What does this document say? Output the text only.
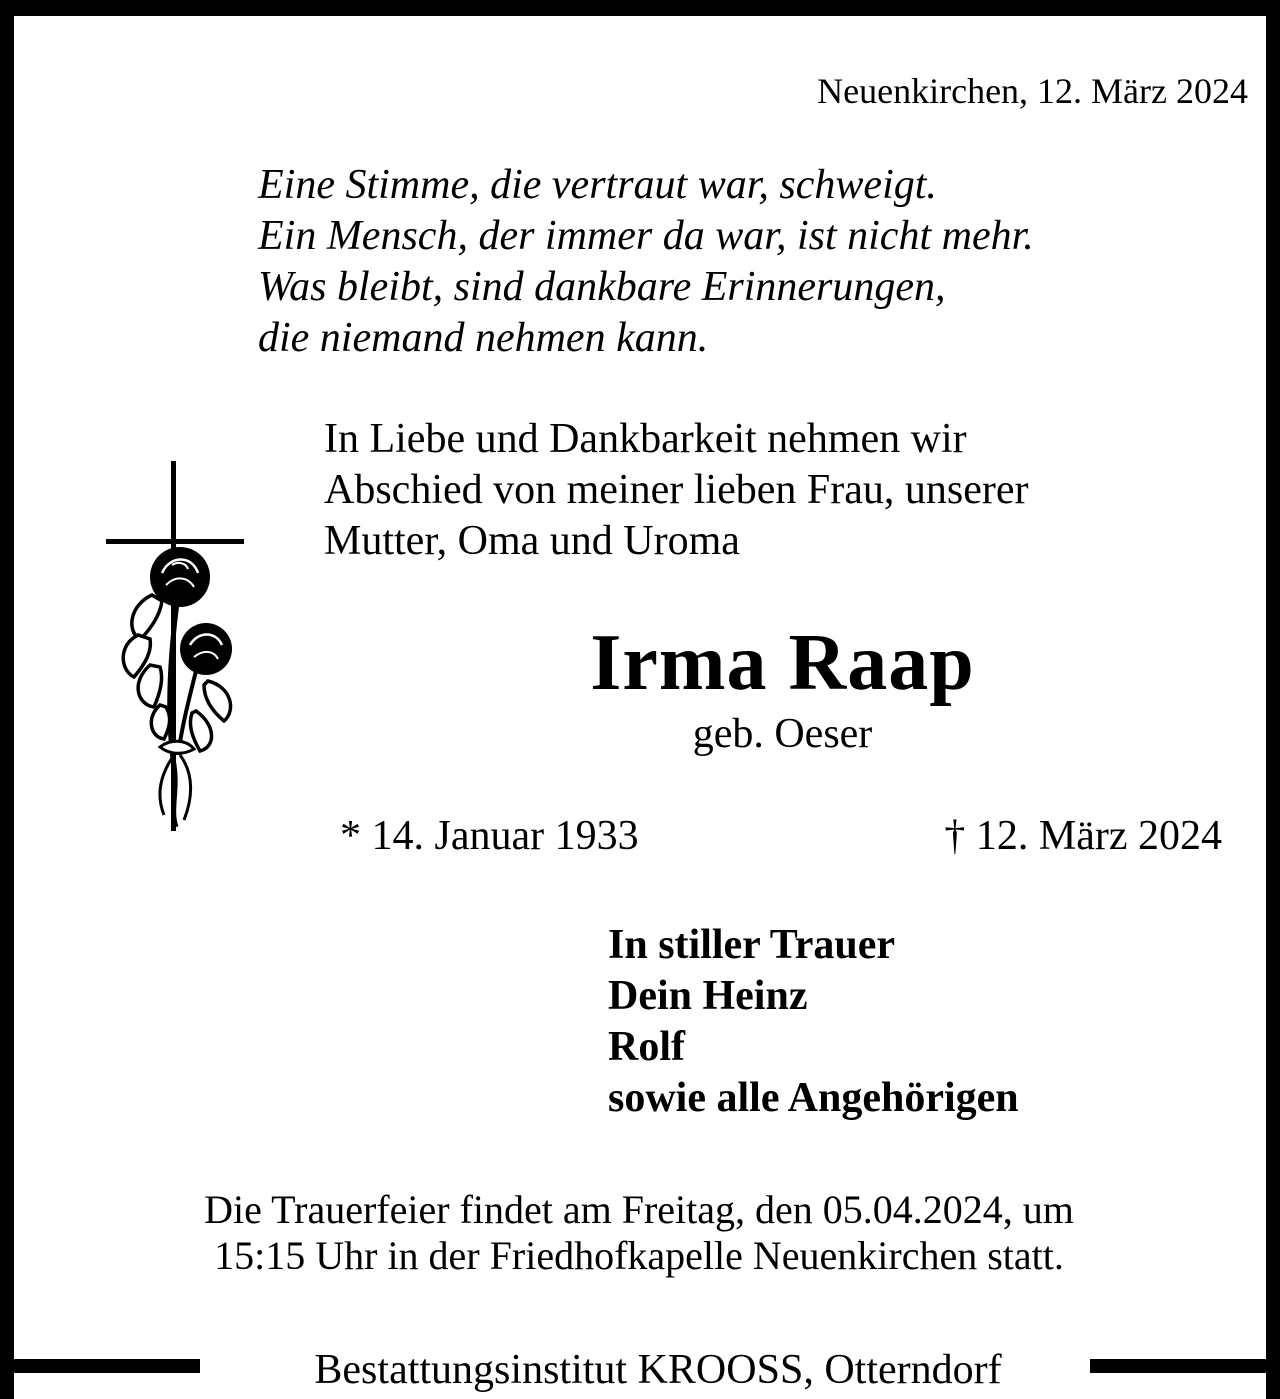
Neuenkirchen, 12. März 2024
Eine Stimme, die vertraut war, schweigt.
Ein Mensch, der immer da war, ist nicht mehr.
Was bleibt, sind dankbare Erinnerungen,
die niemand nehmen kann.
In Liebe und Dankbarkeit nehmen wir
Abschied von meiner lieben Frau, unserer
Mutter, Oma und Uroma
Irma Raap
geb. Oeser
* 14. Januar 1933	† 12. März 2024
In stiller Trauer
Dein Heinz
Rolf
sowie alle Angehörigen
Die Trauerfeier findet am Freitag, den 05.04.2024, um
15:15 Uhr in der Friedhofkapelle Neuenkirchen statt.
Bestattungsinstitut KROOSS, Otterndorf
